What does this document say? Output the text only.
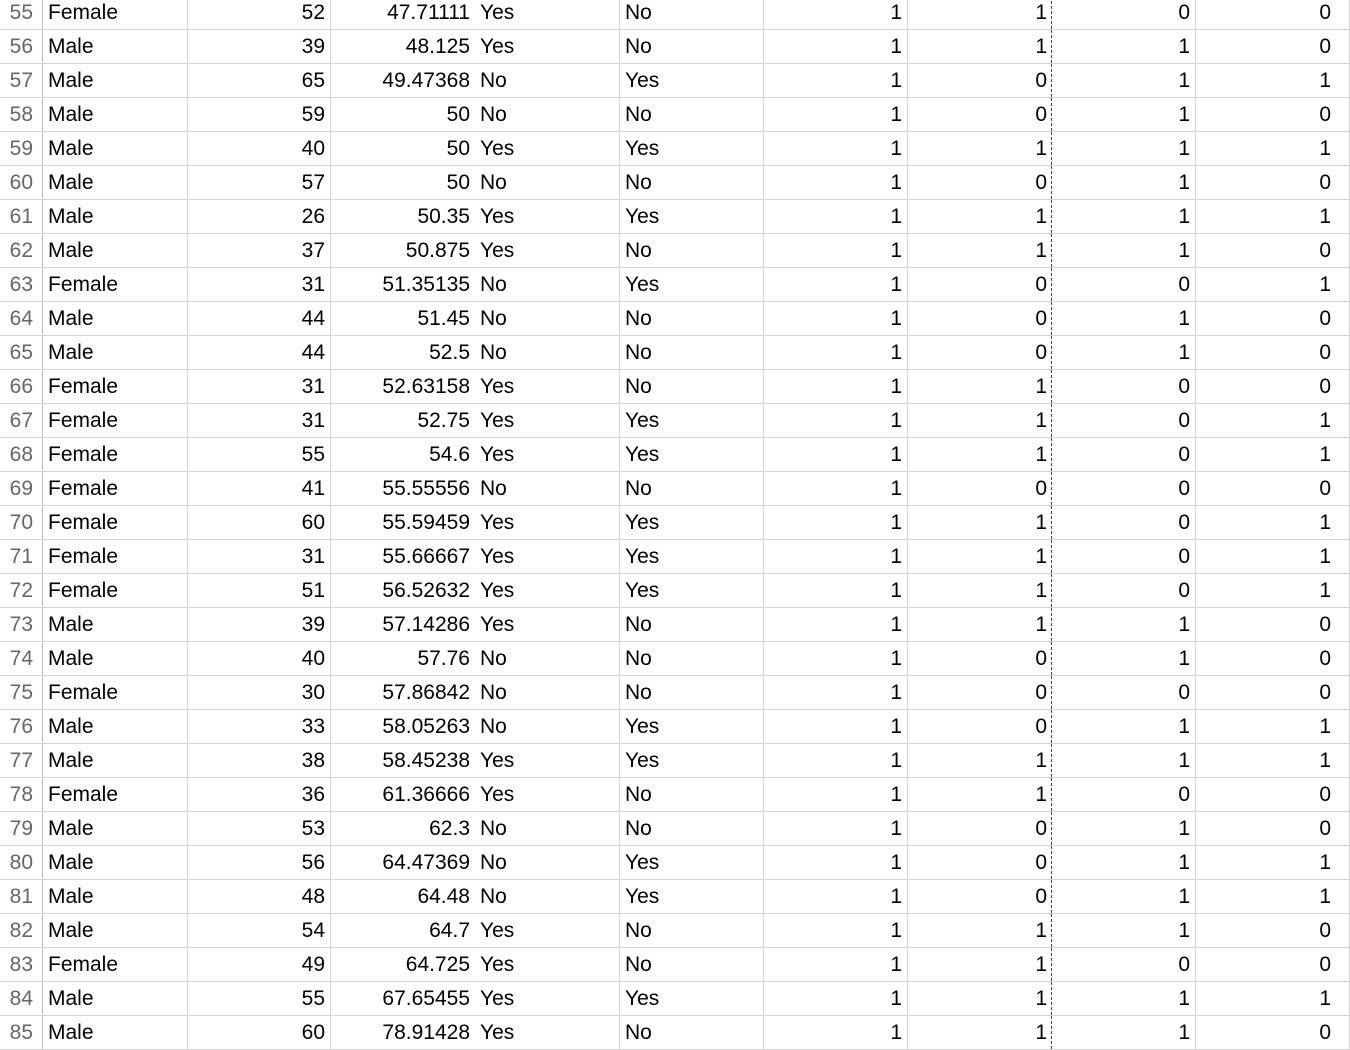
55 Female	52	47.71111 Yes	No	1	1	0	0
56 Male	39	48.125 Yes	No	1	1	1	0
57 Male	65	49.47368 No	Yes	1	0	1	1
58 Male	59	50 No	No	1	0	1	0
59 Male	40	50 Yes	Yes	1	1	1	1
60 Male	57	50 No	No	1	0	1	0
61 Male	26	50.35 Yes	Yes	1	1	1	1
62 Male	37	50.875 Yes	No	1	1	1	0
63 Female	31	51.35135 No	Yes	1	0	0	1
64 Male	44	51.45 No	No	1	0	1	0
65 Male	44	52.5 No	No	1	0	1	0
66 Female	31	52.63158 Yes	No	1	1	0	0
67 Female	31	52.75 Yes	Yes	1	1	0	1
68 Female	55	54.6 Yes	Yes	1	1	0	1
69 Female	41	55.55556 No	No	1	0	0	0
70 Female	60	55.59459 Yes	Yes	1	1	0	1
71 Female	31	55.66667 Yes	Yes	1	1	0	1
72 Female	51	56.52632 Yes	Yes	1	1	0	1
73 Male	39	57.14286 Yes	No	1	1	1	0
74 Male	40	57.76 No	No	1	0	1	0
75 Female	30	57.86842 No	No	1	0	0	0
76 Male	33	58.05263 No	Yes	1	0	1	1
77 Male	38	58.45238 Yes	Yes	1	1	1	1
78 Female	36	61.36666 Yes	No	1	1	0	0
79 Male	53	62.3 No	No	1	0	1	0
80 Male	56	64.47369 No	Yes	1	0	1	1
81 Male	48	64.48 No	Yes	1	0	1	1
82 Male	54	64.7 Yes	No	1	1	1	0
83 Female	49	64.725 Yes	No	1	1	0	0
84 Male	55	67.65455 Yes	Yes	1	1	1	1
85 Male	60	78.91428 Yes	No	1	1	1	0
